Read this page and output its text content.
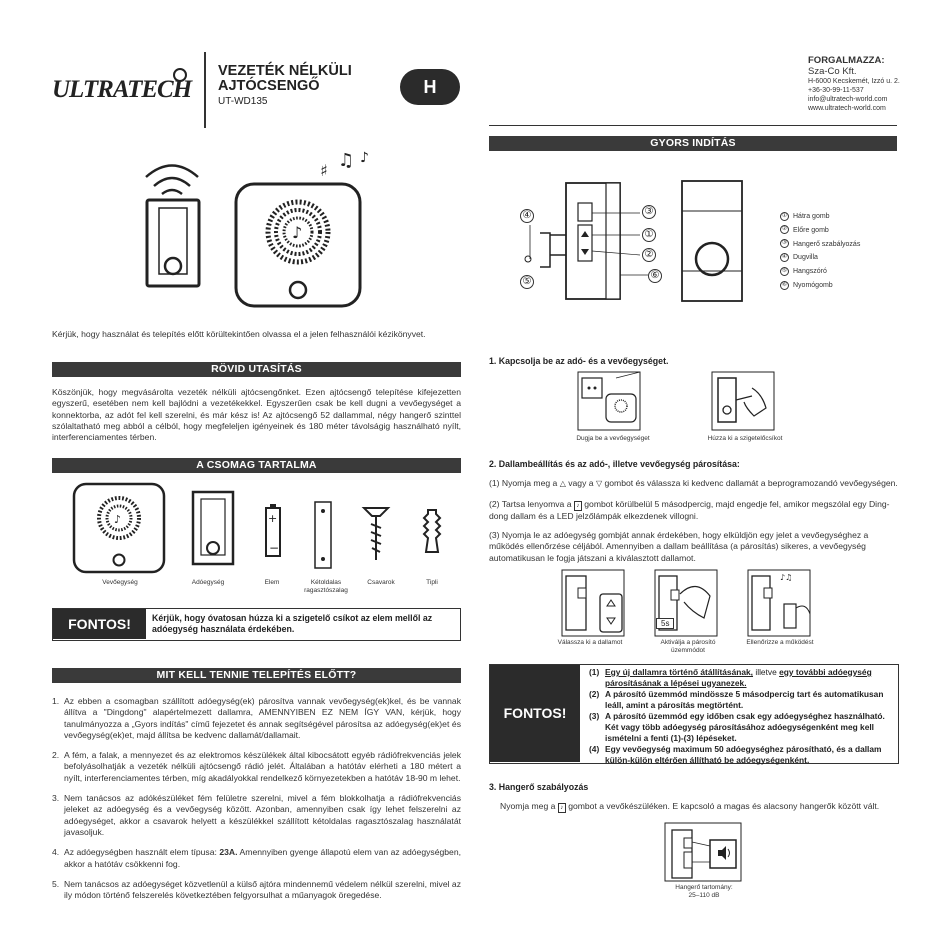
ULTRATECH
VEZETÉK NÉLKÜLI
AJTÓCSENGŐ
UT-WD135
H
FORGALMAZZA:
Sza-Co Kft.
H-6000 Kecskemét, Izzó u. 2.
+36-30-99-11-537
info@ultratech-world.com
www.ultratech-world.com
♪
♯ ♫ ♪
Kérjük, hogy használat és telepítés előtt körültekintően olvassa el a jelen felhasználói kézikönyvet.
RÖVID UTASÍTÁS
Köszönjük, hogy megvásárolta vezeték nélküli ajtócsengőnket. Ezen ajtócsengő telepítése kifejezetten egyszerű, esetében nem kell bajlódni a vezetékekkel. Egyszerűen csak be kell dugni a vevőegységet a konnektorba, az adót fel kell szerelni, és már kész is! Az ajtócsengő 52 dallammal, négy hangerő szinttel szólaltatható meg abból a célból, hogy megfeleljen igényeinek és 180 méter távolságig használható nyílt, interferenciamentes térben.
A CSOMAG TARTALMA
♪	+
−
Vevőegység	Adóegység	Elem	Kétoldalas ragasztószalag
Csavarok	Tipli
FONTOS!	Kérjük, hogy óvatosan húzza ki a szigetelő csíkot az elem mellől az adóegység használata érdekében.
MIT KELL TENNIE TELEPÍTÉS ELŐTT?
1. Az ebben a csomagban szállított adóegység(ek) párosítva vannak vevőegység(ek)kel, és be vannak állítva a "Dingdong" alapértelmezett dallamra, AMENNYIBEN EZ NEM ÍGY VAN, kérjük, hogy tanulmányozza a „Gyors indítás" című fejezetet és annak segítségével párosítsa az adóegység(ek)et és vevőegység(ek)et, majd állítsa be kedvenc dallamát/dallamait.
2. A fém, a falak, a mennyezet és az elektromos készülékek által kibocsátott egyéb rádiófrekvenciás jelek befolyásolhatják a vezeték nélküli ajtócsengő rádió jelét. Általában a hatótáv elérheti a 180 métert a nyílt, interferenciamentes térben, míg akadályokkal rendelkező környezetekben a hatótáv 18-90 m lehet.
3. Nem tanácsos az adókészüléket fém felületre szerelni, mivel a fém blokkolhatja a rádiófrekvenciás jeleket az adóegység és a vevőegység között. Azonban, amennyiben csak így lehet felszerelni az adóegységet, akkor a csavarok helyett a készülékkel szállított kétoldalas ragasztószalag használatát javasoljuk.
4. Az adóegységben használt elem típusa: 23A. Amennyiben gyenge állapotú elem van az adóegységben, akkor a hatótáv csökkenni fog.
5. Nem tanácsos az adóegységet közvetlenül a külső ajtóra mindennemű védelem nélkül szerelni, mivel az ily módon történő felszerelés következtében felgyorsulhat a műanyagok öregedése.
GYORS INDÍTÁS
④
⑤
③
①
②
⑥
① Hátra gomb
② Előre gomb
③ Hangerő szabályozás
④ Dugvilla
⑤ Hangszóró
⑥ Nyomógomb
1. Kapcsolja be az adó- és a vevőegységet.
Dugja be a vevőegységet	Húzza ki a szigetelőcsíkot
2. Dallambeállítás és az adó-, illetve vevőegység párosítása:
(1) Nyomja meg a △ vagy a ▽ gombot és válassza ki kedvenc dallamát a beprogramozandó vevőegységen.
(2) Tartsa lenyomva a ♪ gombot körülbelül 5 másodpercig, majd engedje fel, amikor megszólal egy Ding-dong dallam és a LED jelzőlámpák elkezdenek villogni.
(3) Nyomja le az adóegység gombját annak érdekében, hogy elküldjön egy jelet a vevőegységhez a működés ellenőrzése céljából. Amennyiben a dallam beállítása (a párosítás) sikeres, a vevőegység automatikusan le fogja játszani a kiválasztott dallamot.
♪♫
5s
Válassza ki a dallamot	Aktiválja a párosító üzemmódot
Ellenőrizze a működést
FONTOS!
(1) Egy új dallamra történő átállításának, illetve egy további adóegység párosításának a lépései ugyanezek.
(2) A párosító üzemmód mindössze 5 másodpercig tart és automatikusan leáll, amint a párosítás megtörtént.
(3) A párosító üzemmód egy időben csak egy adóegységhez használható. Két vagy több adóegység párosításához adóegységenként meg kell ismételni a fenti (1)-(3) lépéseket.
(4) Egy vevőegység maximum 50 adóegységhez párosítható, és a dallam külön-külön eltérően állítható be adóegységenként.
3. Hangerő szabályozás
Nyomja meg a ♪ gombot a vevőkészüléken. E kapcsoló a magas és alacsony hangerők között vált.
Hangerő tartomány:
25–110 dB
